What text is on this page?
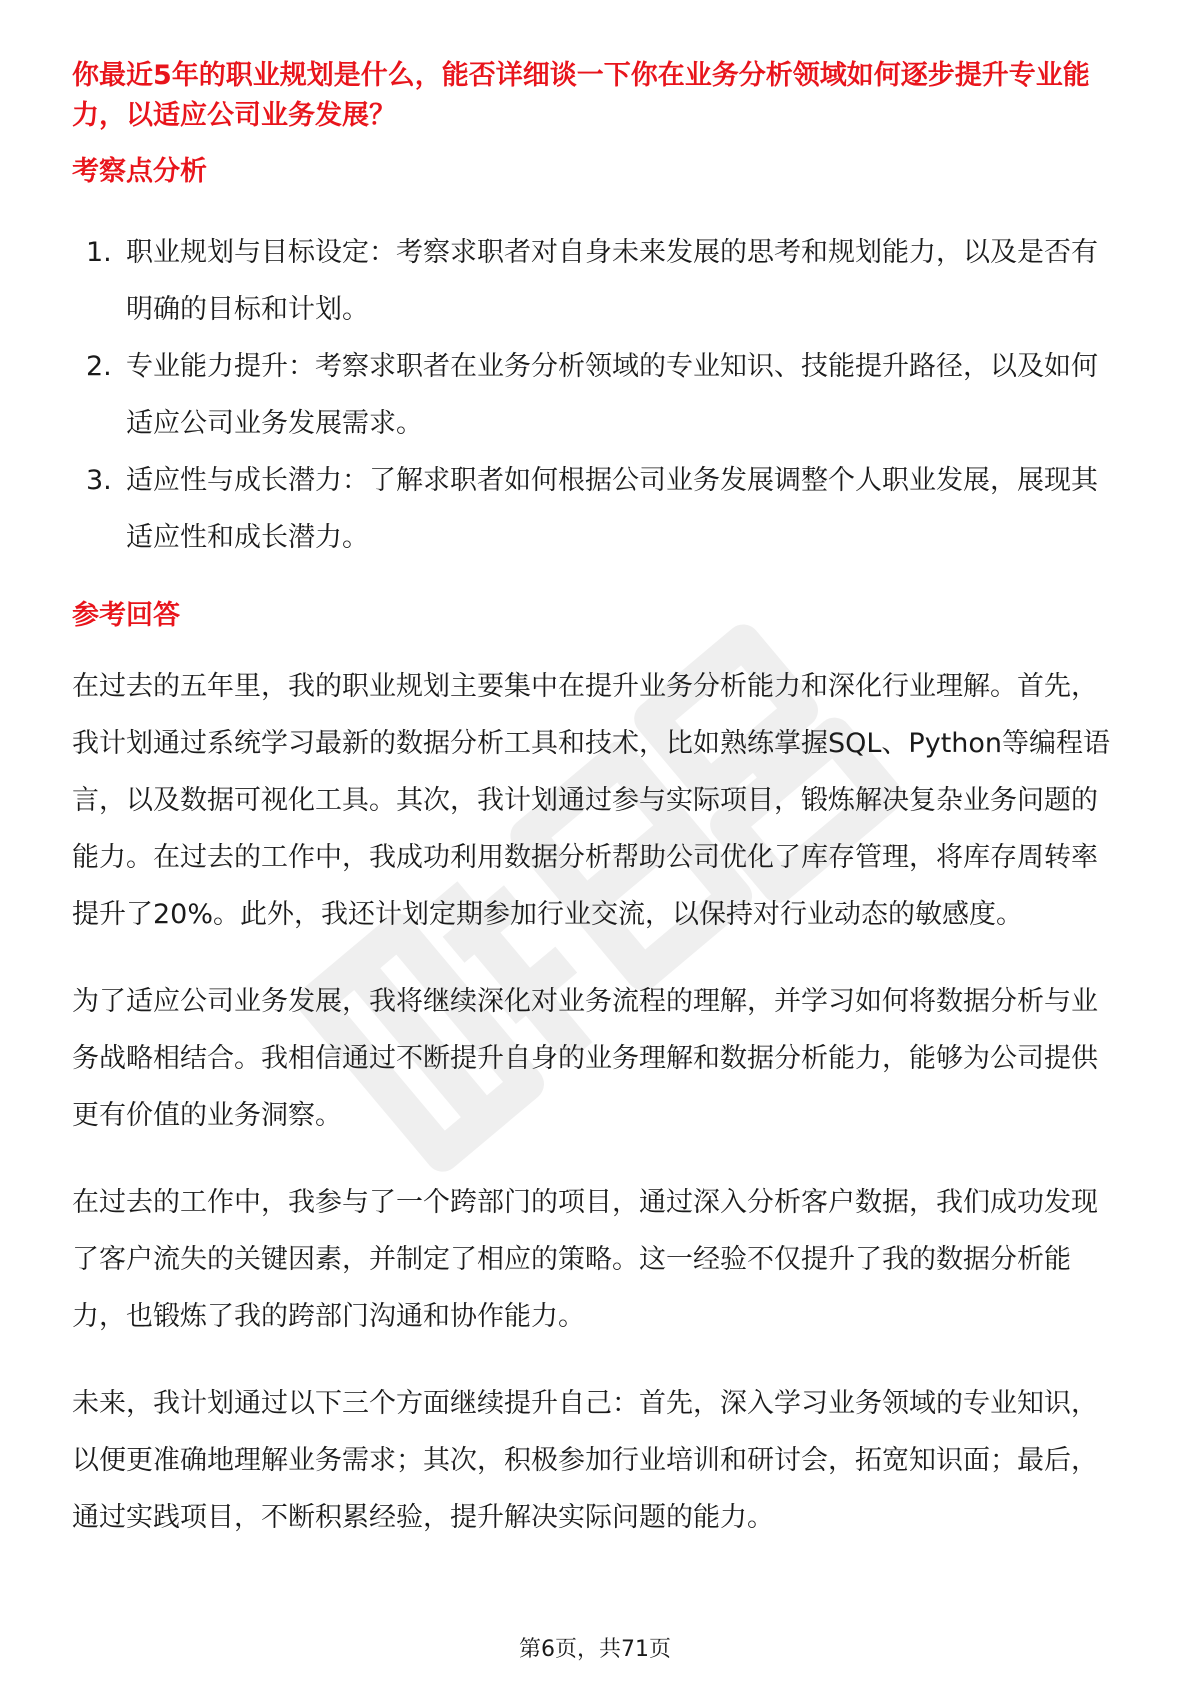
你最近5年的职业规划是什么，能否详细谈一下你在业务分析领域如何逐步提升专业能力，以适应公司业务发展？

考察点分析

1. 职业规划与目标设定：考察求职者对自身未来发展的思考和规划能力，以及是否有明确的目标和计划。
2. 专业能力提升：考察求职者在业务分析领域的专业知识、技能提升路径，以及如何适应公司业务发展需求。
3. 适应性与成长潜力：了解求职者如何根据公司业务发展调整个人职业发展，展现其适应性和成长潜力。

参考回答

在过去的五年里，我的职业规划主要集中在提升业务分析能力和深化行业理解。首先，我计划通过系统学习最新的数据分析工具和技术，比如熟练掌握SQL、Python等编程语言，以及数据可视化工具。其次，我计划通过参与实际项目，锻炼解决复杂业务问题的能力。在过去的工作中，我成功利用数据分析帮助公司优化了库存管理，将库存周转率提升了20%。此外，我还计划定期参加行业交流，以保持对行业动态的敏感度。

为了适应公司业务发展，我将继续深化对业务流程的理解，并学习如何将数据分析与业务战略相结合。我相信通过不断提升自身的业务理解和数据分析能力，能够为公司提供更有价值的业务洞察。

在过去的工作中，我参与了一个跨部门的项目，通过深入分析客户数据，我们成功发现了客户流失的关键因素，并制定了相应的策略。这一经验不仅提升了我的数据分析能力，也锻炼了我的跨部门沟通和协作能力。

未来，我计划通过以下三个方面继续提升自己：首先，深入学习业务领域的专业知识，以便更准确地理解业务需求；其次，积极参加行业培训和研讨会，拓宽知识面；最后，通过实践项目，不断积累经验，提升解决实际问题的能力。

第6页，共71页
